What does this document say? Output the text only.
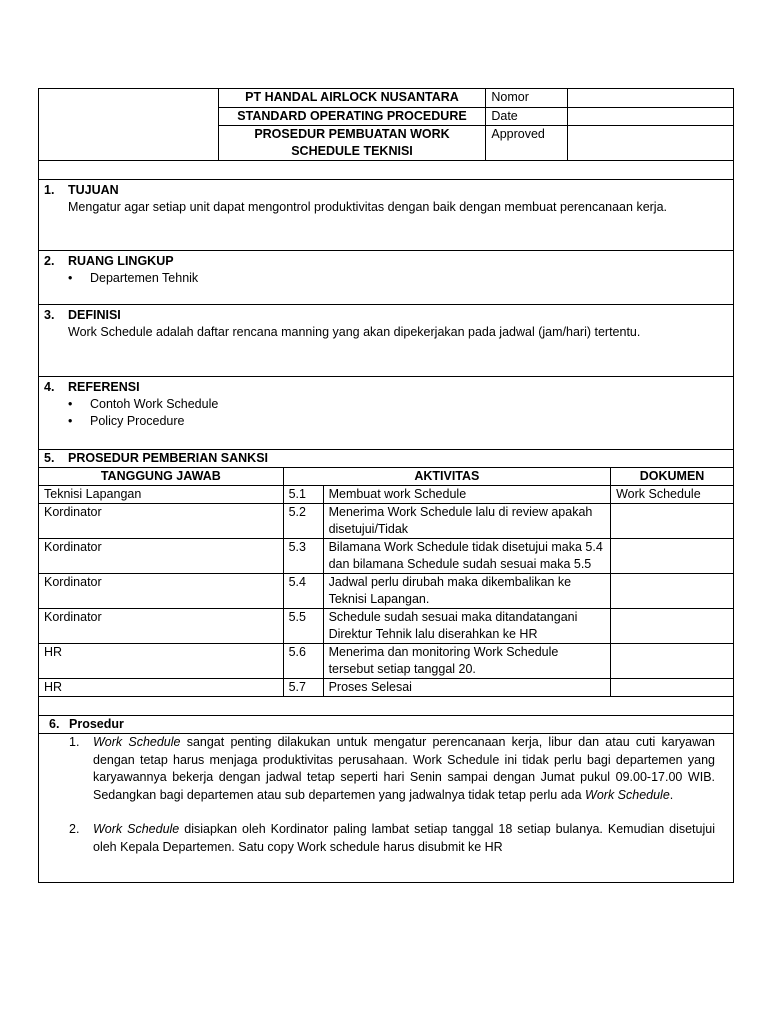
	PT HANDAL AIRLOCK NUSANTARA	Nomor	
	STANDARD OPERATING PROCEDURE	Date	
	PROSEDUR PEMBUATAN WORK SCHEDULE TEKNISI	Approved	

1. TUJUAN
Mengatur agar setiap unit dapat mengontrol produktivitas dengan baik dengan membuat perencanaan kerja.

2. RUANG LINGKUP
• Departemen Tehnik

3. DEFINISI
Work Schedule adalah daftar rencana manning yang akan dipekerjakan pada jadwal (jam/hari) tertentu.

4. REFERENSI
• Contoh Work Schedule
• Policy Procedure
5. PROSEDUR PEMBERIAN SANKSI			
TANGGUNG JAWAB	AKTIVITAS		DOKUMEN
Teknisi Lapangan	5.1	Membuat work Schedule	Work Schedule
Kordinator	5.2	Menerima Work Schedule lalu di review apakah disetujui/Tidak	
Kordinator	5.3	Bilamana Work Schedule tidak disetujui maka 5.4 dan bilamana Schedule sudah sesuai maka 5.5	
Kordinator	5.4	Jadwal perlu dirubah maka dikembalikan ke Teknisi Lapangan.	
Kordinator	5.5	Schedule sudah sesuai maka ditandatangani Direktur Tehnik lalu diserahkan ke HR	
HR	5.6	Menerima dan monitoring Work Schedule tersebut setiap tanggal 20.	
HR	5.7	Proses Selesai	

6. Prosedur

1. Work Schedule sangat penting dilakukan untuk mengatur perencanaan kerja, libur dan atau cuti karyawan dengan tetap harus menjaga produktivitas perusahaan. Work Schedule ini tidak perlu bagi departemen yang karyawannya bekerja dengan jadwal tetap seperti hari Senin sampai dengan Jumat pukul 09.00-17.00 WIB. Sedangkan bagi departemen atau sub departemen yang jadwalnya tidak tetap perlu ada Work Schedule.
2. Work Schedule disiapkan oleh Kordinator paling lambat setiap tanggal 18 setiap bulanya. Kemudian disetujui oleh Kepala Departemen. Satu copy Work schedule harus disubmit ke HR
